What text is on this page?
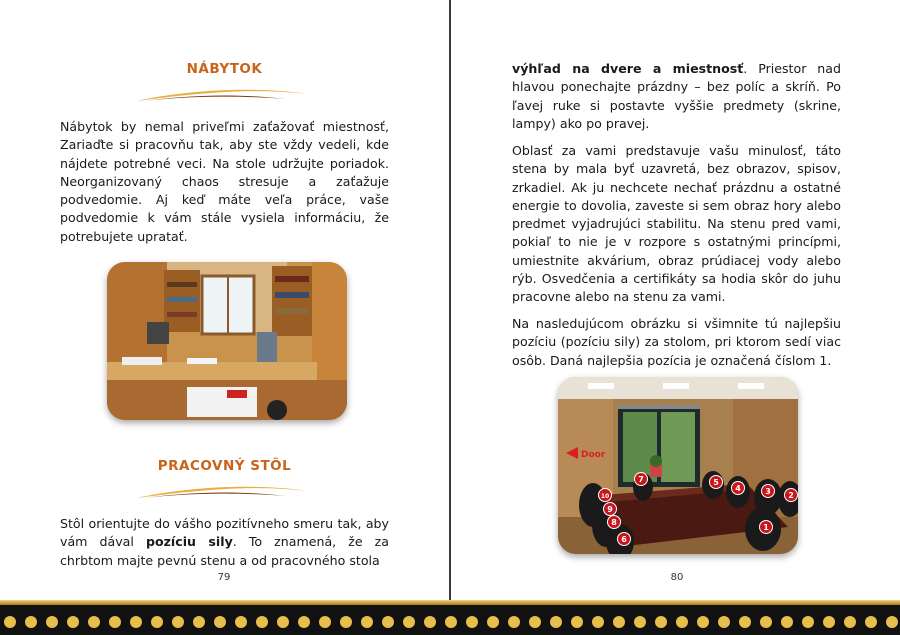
NÁBYTOK

Nábytok by nemal priveľmi zaťažovať miestnosť, Zariaďte si pracovňu tak, aby ste vždy vedeli, kde nájdete potrebné veci. Na stole udržujte poriadok. Neorganizovaný chaos stresuje a zaťažuje podvedomie. Aj keď máte veľa práce, vaše podvedomie k vám stále vysiela informáciu, že potrebujete upratať.

PRACOVNÝ STÔL

Stôl orientujte do vášho pozitívneho smeru tak, aby vám dával pozíciu sily. To znamená, že za chrbtom majte pevnú stenu a od pracovného stola

79

výhľad na dvere a miestnosť. Priestor nad hlavou ponechajte prázdny – bez políc a skríň. Po ľavej ruke si postavte vyššie predmety (skrine, lampy) ako po pravej.

Oblasť za vami predstavuje vašu minulosť, táto stena by mala byť uzavretá, bez obrazov, spisov, zrkadiel. Ak ju nechcete nechať prázdnu a ostatné energie to dovolia, zaveste si sem obraz hory alebo predmet vyjadrujúci stabilitu. Na stenu pred vami, pokiaľ to nie je v rozpore s ostatnými princípmi, umiestnite akvárium, obraz prúdiacej vody alebo rýb. Osvedčenia a certifikáty sa hodia skôr do juhu pracovne alebo na stenu za vami.

Na nasledujúcom obrázku si všimnite tú najlepšiu pozíciu (pozíciu sily) za stolom, pri ktorom sedí viac osôb. Daná najlepšia pozícia je označená číslom 1.

Door
1
2
3
4
5
6
7
8
9
10
80
